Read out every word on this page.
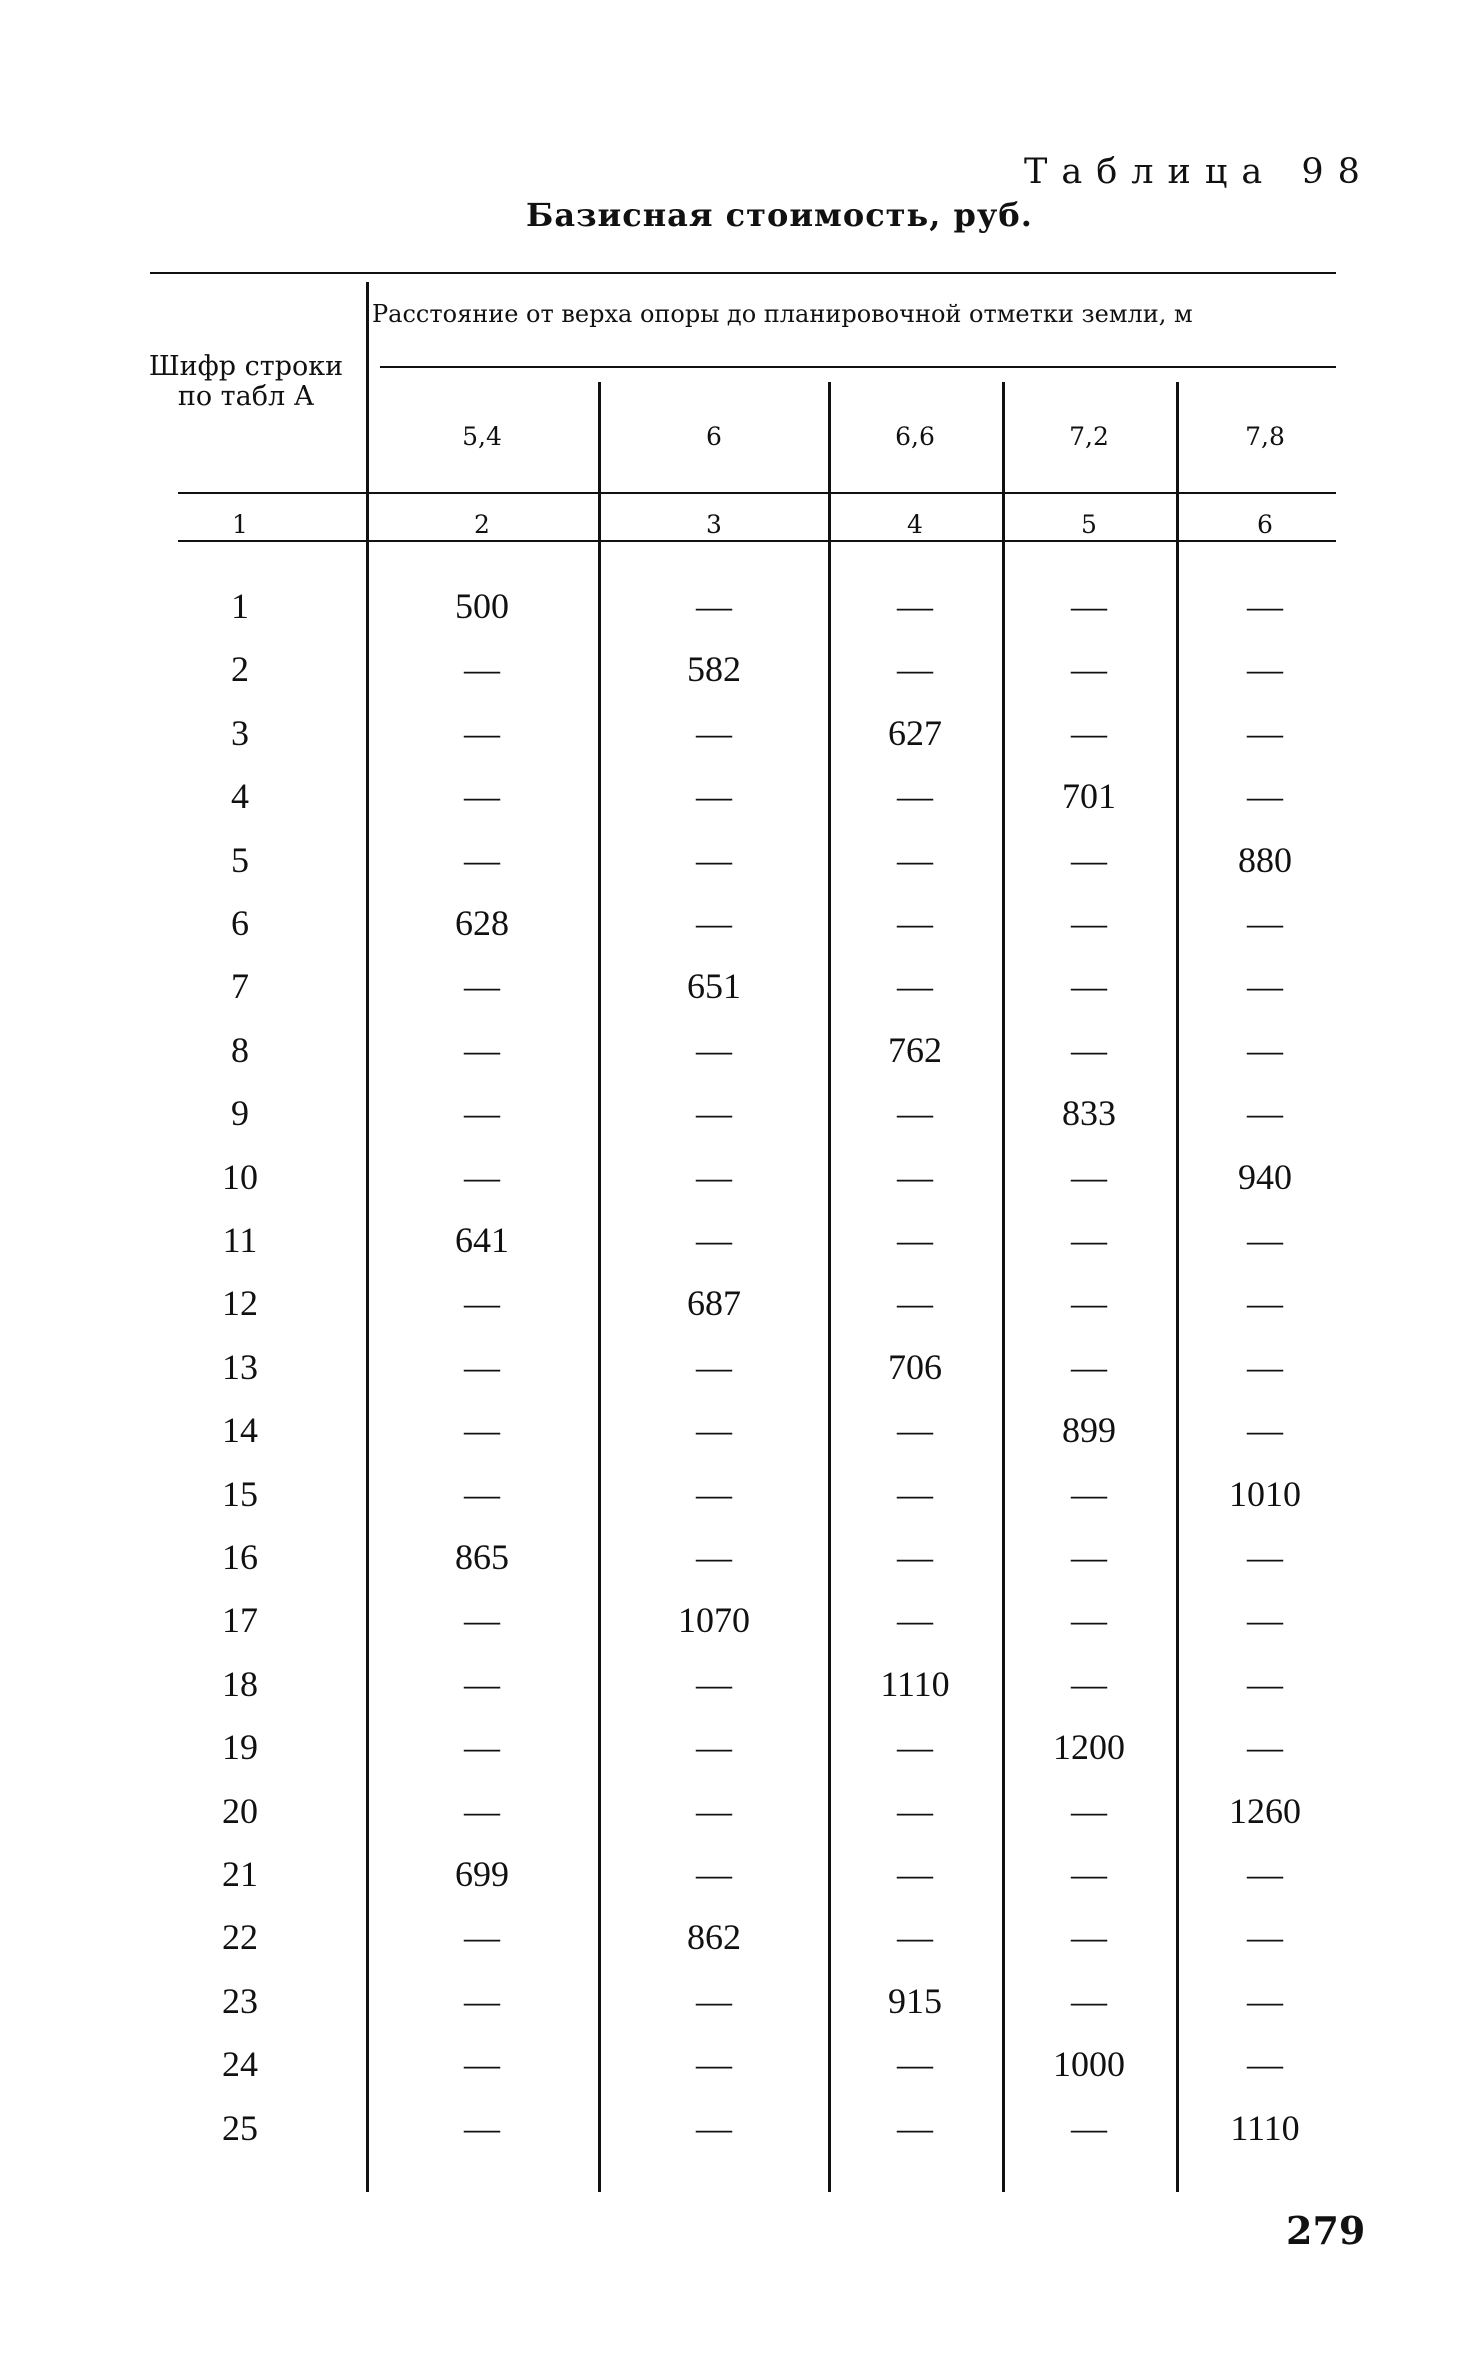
Таблица 98
Базисная стоимость, руб.
Шифр строки по табл А
Расстояние от верха опоры до планировочной отметки земли, м
5,4	6	6,6	7,2	7,8
1	2	3	4	5	6
1	500	—	—	—	—
2	—	582	—	—	—
3	—	—	627	—	—
4	—	—	—	701	—
5	—	—	—	—	880
6	628	—	—	—	—
7	—	651	—	—	—
8	—	—	762	—	—
9	—	—	—	833	—
10	—	—	—	—	940
11	641	—	—	—	—
12	—	687	—	—	—
13	—	—	706	—	—
14	—	—	—	899	—
15	—	—	—	—	1010
16	865	—	—	—	—
17	—	1070	—	—	—
18	—	—	1110	—	—
19	—	—	—	1200	—
20	—	—	—	—	1260
21	699	—	—	—	—
22	—	862	—	—	—
23	—	—	915	—	—
24	—	—	—	1000	—
25	—	—	—	—	1110
279
